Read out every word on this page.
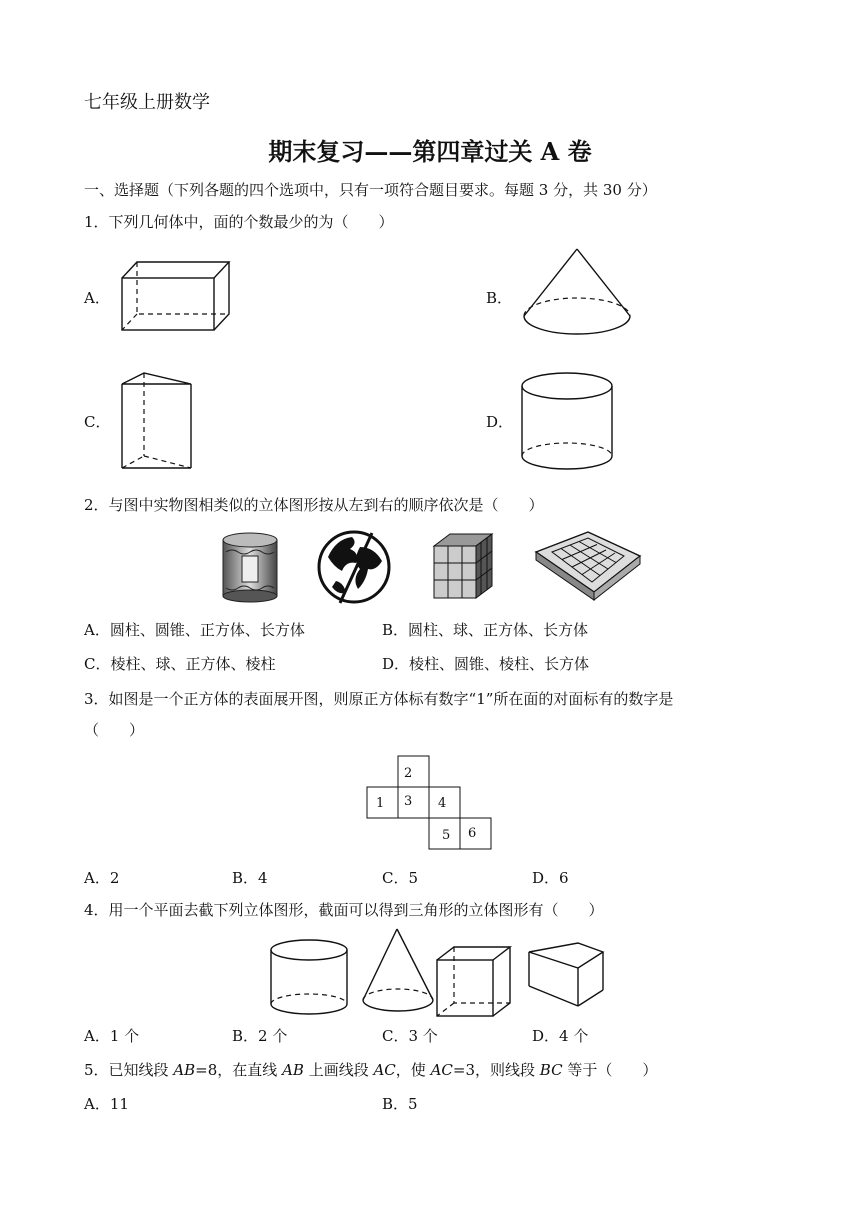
七年级上册数学
期末复习——第四章过关 A 卷
一、选择题（下列各题的四个选项中，只有一项符合题目要求。每题 3 分，共 30 分）
1．下列几何体中，面的个数最少的为（　　）
A．	B．
C．	D．
2．与图中实物图相类似的立体图形按从左到右的顺序依次是（　　）
A．圆柱、圆锥、正方体、长方体	B．圆柱、球、正方体、长方体
C．棱柱、球、正方体、棱柱	D．棱柱、圆锥、棱柱、长方体
3．如图是一个正方体的表面展开图，则原正方体标有数字“1”所在面的对面标有的数字是
（　　）
2
1 3 4
5 6
A．2	B．4	C．5	D．6
4．用一个平面去截下列立体图形，截面可以得到三角形的立体图形有（　　）
A．1 个	B．2 个	C．3 个	D．4 个
5．已知线段 AB=8，在直线 AB 上画线段 AC，使 AC=3，则线段 BC 等于（　　）
A．11	B．5
